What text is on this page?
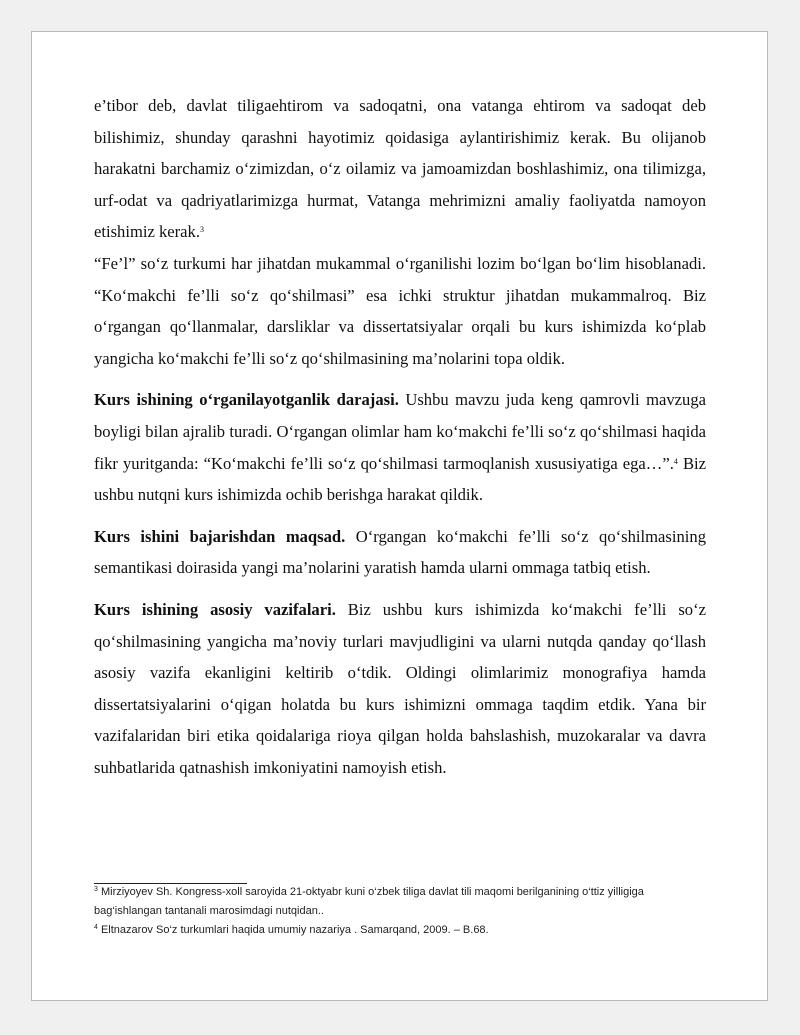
e’tibor deb, davlat tiligaehtirom va sadoqatni, ona vatanga ehtirom va sadoqat deb bilishimiz, shunday qarashni hayotimiz qoidasiga aylantirishimiz kerak. Bu olijanob harakatni barchamiz o‘zimizdan, o‘z oilamiz va jamoamizdan boshlashimiz, ona tilimizga, urf-odat va qadriyatlarimizga hurmat, Vatanga mehrimizni amaliy faoliyatda namoyon etishimiz kerak.$^3$

“Fe’l” so‘z turkumi har jihatdan mukammal o‘rganilishi lozim bo‘lgan bo‘lim hisoblanadi. “Ko‘makchi fe’lli so‘z qo‘shilmasi” esa ichki struktur jihatdan mukammalroq. Biz o‘rgangan qo‘llanmalar, darsliklar va dissertatsiyalar orqali bu kurs ishimizda ko‘plab yangicha ko‘makchi fe’lli so‘z qo‘shilmasining ma’nolarini topa oldik.

Kurs ishining o‘rganilayotganlik darajasi. Ushbu mavzu juda keng qamrovli mavzuga boyligi bilan ajralib turadi. O‘rgangan olimlar ham ko‘makchi fe’lli so‘z qo‘shilmasi haqida fikr yuritganda: “Ko‘makchi fe’lli so‘z qo‘shilmasi tarmoqlanish xususiyatiga ega…”.$^4$ Biz ushbu nutqni kurs ishimizda ochib berishga harakat qildik.

Kurs ishini bajarishdan maqsad. O‘rgangan ko‘makchi fe’lli so‘z qo‘shilmasining semantikasi doirasida yangi ma’nolarini yaratish hamda ularni ommaga tatbiq etish.

Kurs ishining asosiy vazifalari. Biz ushbu kurs ishimizda ko‘makchi fe’lli so‘z qo‘shilmasining yangicha ma’noviy turlari mavjudligini va ularni nutqda qanday qo‘llash asosiy vazifa ekanligini keltirib o‘tdik. Oldingi olimlarimiz monografiya hamda dissertatsiyalarini o‘qigan holatda bu kurs ishimizni ommaga taqdim etdik. Yana bir vazifalaridan biri etika qoidalariga rioya qilgan holda bahslashish, muzokaralar va davra suhbatlarida qatnashish imkoniyatini namoyish etish.

$^3$ Mirziyoyev Sh. Kongress-xoll saroyida 21-oktyabr kuni o‘zbek tiliga davlat tili maqomi berilganining o‘ttiz yilligiga bag‘ishlangan tantanali marosimdagi nutqidan..

$^4$ Eltnazarov So‘z turkumlari haqida umumiy nazariya . Samarqand, 2009. – B.68.
